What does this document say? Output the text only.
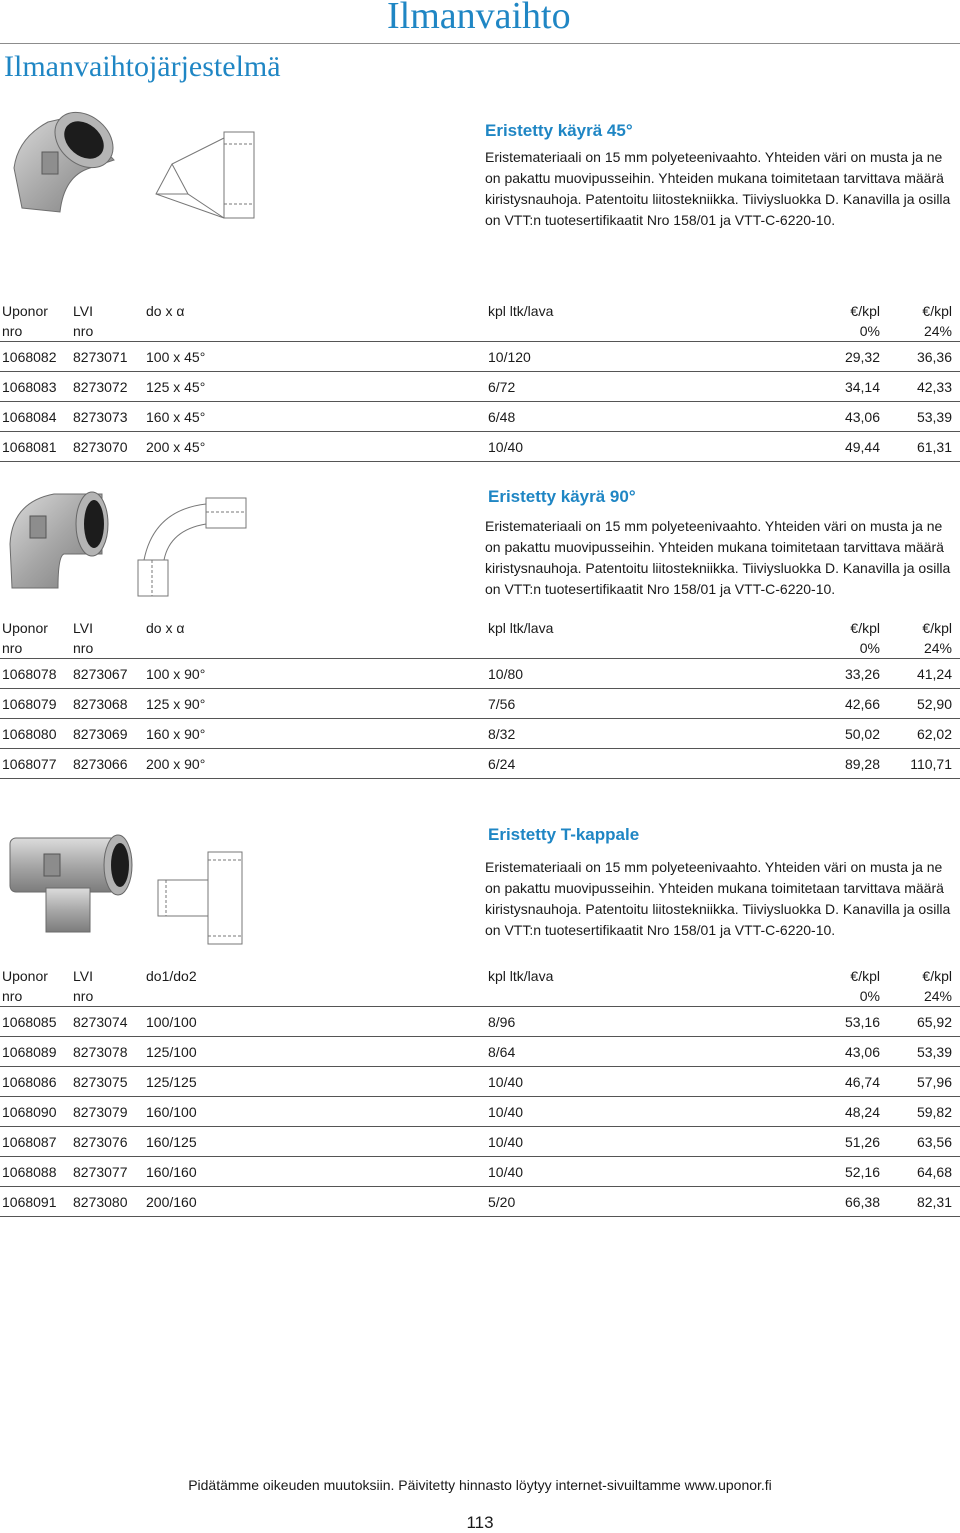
Ilmanvaihto
Ilmanvaihtojärjestelmä
Eristetty käyrä 45°
Eristemateriaali on 15 mm polyeteenivaahto. Yhteiden väri on musta ja ne
on pakattu muovipusseihin. Yhteiden mukana toimitetaan tarvittava määrä
kiristysnauhoja. Patentoitu liitostekniikka. Tiiviysluokka D. Kanavilla ja osilla
on VTT:n tuotesertifikaatit Nro 158/01 ja VTT-C-6220-10.
Uponor LVI	do x α	kpl ltk/lava	€/kpl	€/kpl
nro	nro	0%	24%
1068082 8273071 100 x 45°	10/120	29,32	36,36
1068083 8273072 125 x 45°	6/72	34,14	42,33
1068084 8273073 160 x 45°	6/48	43,06	53,39
1068081 8273070 200 x 45°	10/40	49,44	61,31
Eristetty käyrä 90°
Eristemateriaali on 15 mm polyeteenivaahto. Yhteiden väri on musta ja ne
on pakattu muovipusseihin. Yhteiden mukana toimitetaan tarvittava määrä
kiristysnauhoja. Patentoitu liitostekniikka. Tiiviysluokka D. Kanavilla ja osilla
on VTT:n tuotesertifikaatit Nro 158/01 ja VTT-C-6220-10.
Uponor LVI	do x α	kpl ltk/lava	€/kpl	€/kpl
nro	nro	0%	24%
1068078 8273067 100 x 90°	10/80	33,26	41,24
1068079 8273068 125 x 90°	7/56	42,66	52,90
1068080 8273069 160 x 90°	8/32	50,02	62,02
1068077 8273066 200 x 90°	6/24	89,28 110,71
Eristetty T-kappale
Eristemateriaali on 15 mm polyeteenivaahto. Yhteiden väri on musta ja ne
on pakattu muovipusseihin. Yhteiden mukana toimitetaan tarvittava määrä
kiristysnauhoja. Patentoitu liitostekniikka. Tiiviysluokka D. Kanavilla ja osilla
on VTT:n tuotesertifikaatit Nro 158/01 ja VTT-C-6220-10.
Uponor LVI	do1/do2	kpl ltk/lava	€/kpl	€/kpl
nro	nro	0%	24%
1068085 8273074 100/100	8/96	53,16	65,92
1068089 8273078 125/100	8/64	43,06	53,39
1068086 8273075 125/125	10/40	46,74	57,96
1068090 8273079 160/100	10/40	48,24	59,82
1068087 8273076 160/125	10/40	51,26	63,56
1068088 8273077 160/160	10/40	52,16	64,68
1068091 8273080 200/160	5/20	66,38	82,31
Pidätämme oikeuden muutoksiin. Päivitetty hinnasto löytyy internet-sivuiltamme www.uponor.fi
113
